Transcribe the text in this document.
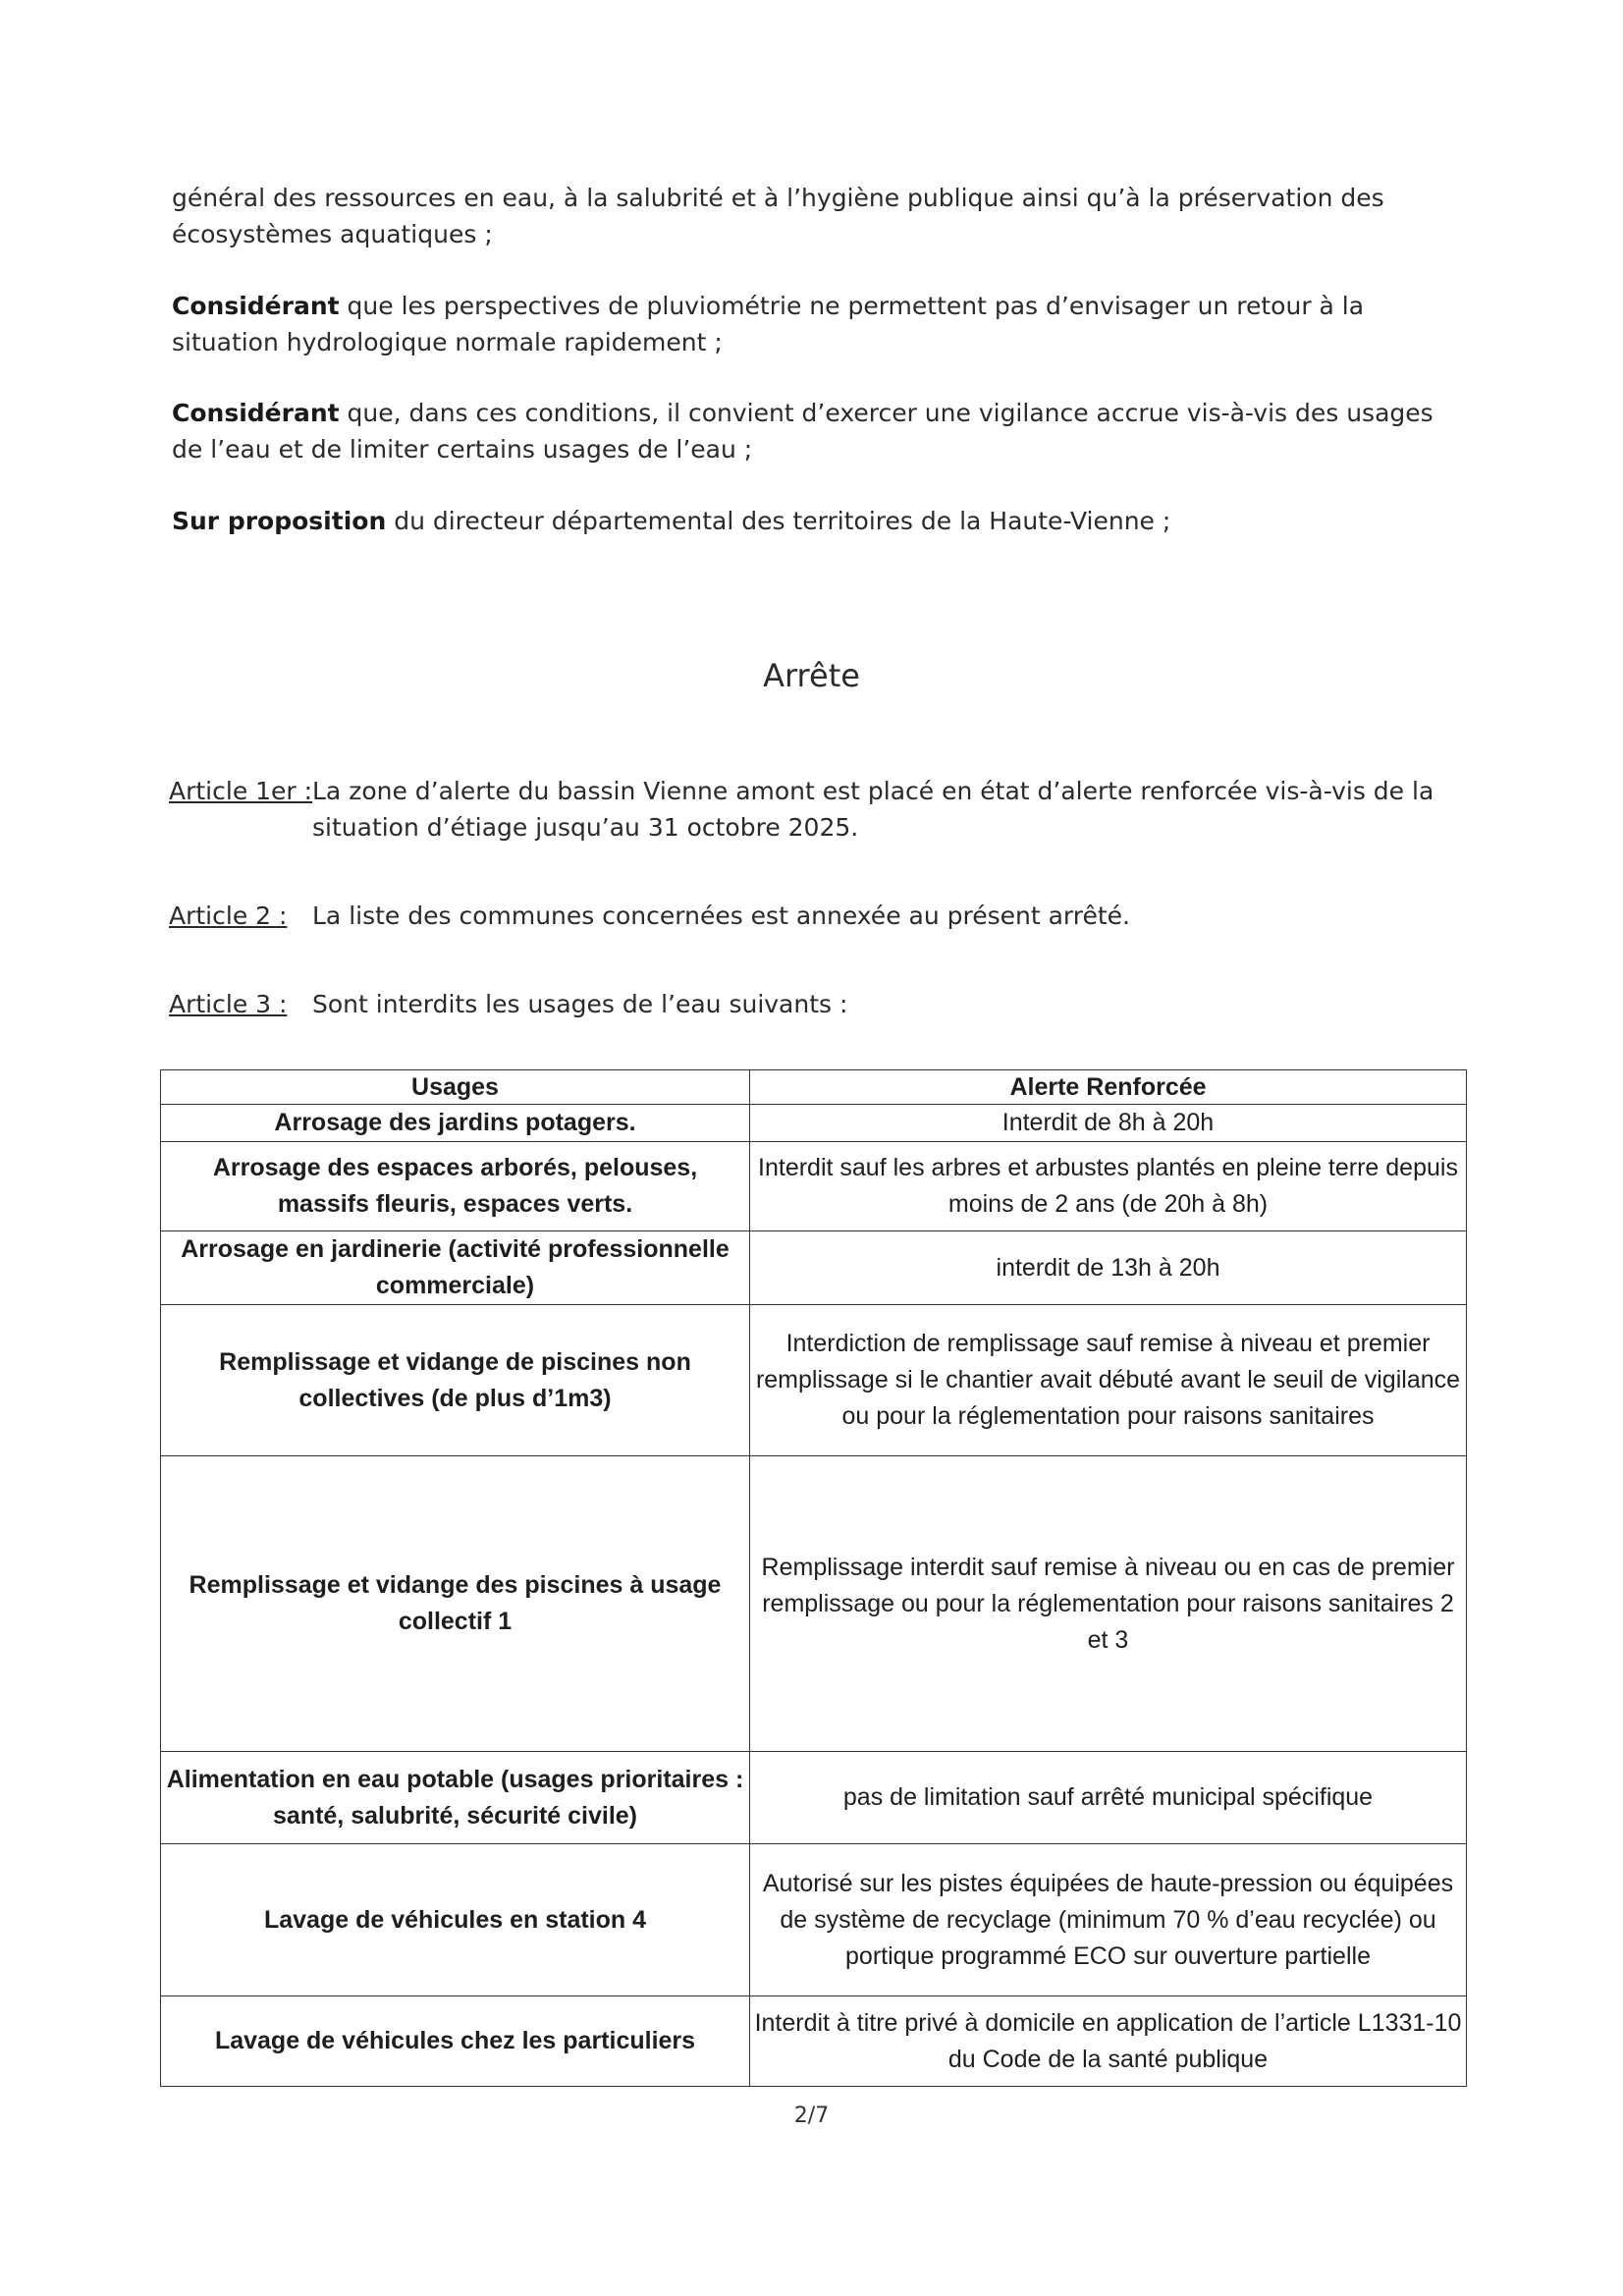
général des ressources en eau, à la salubrité et à l’hygiène publique ainsi qu’à la préservation des écosystèmes aquatiques ;

Considérant que les perspectives de pluviométrie ne permettent pas d’envisager un retour à la situation hydrologique normale rapidement ;

Considérant que, dans ces conditions, il convient d’exercer une vigilance accrue vis-à-vis des usages de l’eau et de limiter certains usages de l’eau ;

Sur proposition du directeur départemental des territoires de la Haute-Vienne ;

Arrête
Article 1er : La zone d’alerte du bassin Vienne amont est placé en état d’alerte renforcée vis-à-vis de la situation d’étiage jusqu’au 31 octobre 2025.
Article 2 : La liste des communes concernées est annexée au présent arrêté.
Article 3 : Sont interdits les usages de l’eau suivants :
Usages	Alerte Renforcée
Arrosage des jardins potagers.	Interdit de 8h à 20h
Arrosage des espaces arborés, pelouses, massifs fleuris, espaces verts.	Interdit sauf les arbres et arbustes plantés en pleine terre depuis moins de 2 ans (de 20h à 8h)
Arrosage en jardinerie (activité professionnelle commerciale)	interdit de 13h à 20h
Remplissage et vidange de piscines non collectives (de plus d’1m3)	Interdiction de remplissage sauf remise à niveau et premier remplissage si le chantier avait débuté avant le seuil de vigilance ou pour la réglementation pour raisons sanitaires
Remplissage et vidange des piscines à usage collectif 1	Remplissage interdit sauf remise à niveau ou en cas de premier remplissage ou pour la réglementation pour raisons sanitaires 2 et 3
Alimentation en eau potable (usages prioritaires : santé, salubrité, sécurité civile)	pas de limitation sauf arrêté municipal spécifique
Lavage de véhicules en station 4	Autorisé sur les pistes équipées de haute-pression ou équipées de système de recyclage (minimum 70 % d’eau recyclée) ou portique programmé ECO sur ouverture partielle
Lavage de véhicules chez les particuliers	Interdit à titre privé à domicile en application de l’article L1331-10 du Code de la santé publique
2/7
